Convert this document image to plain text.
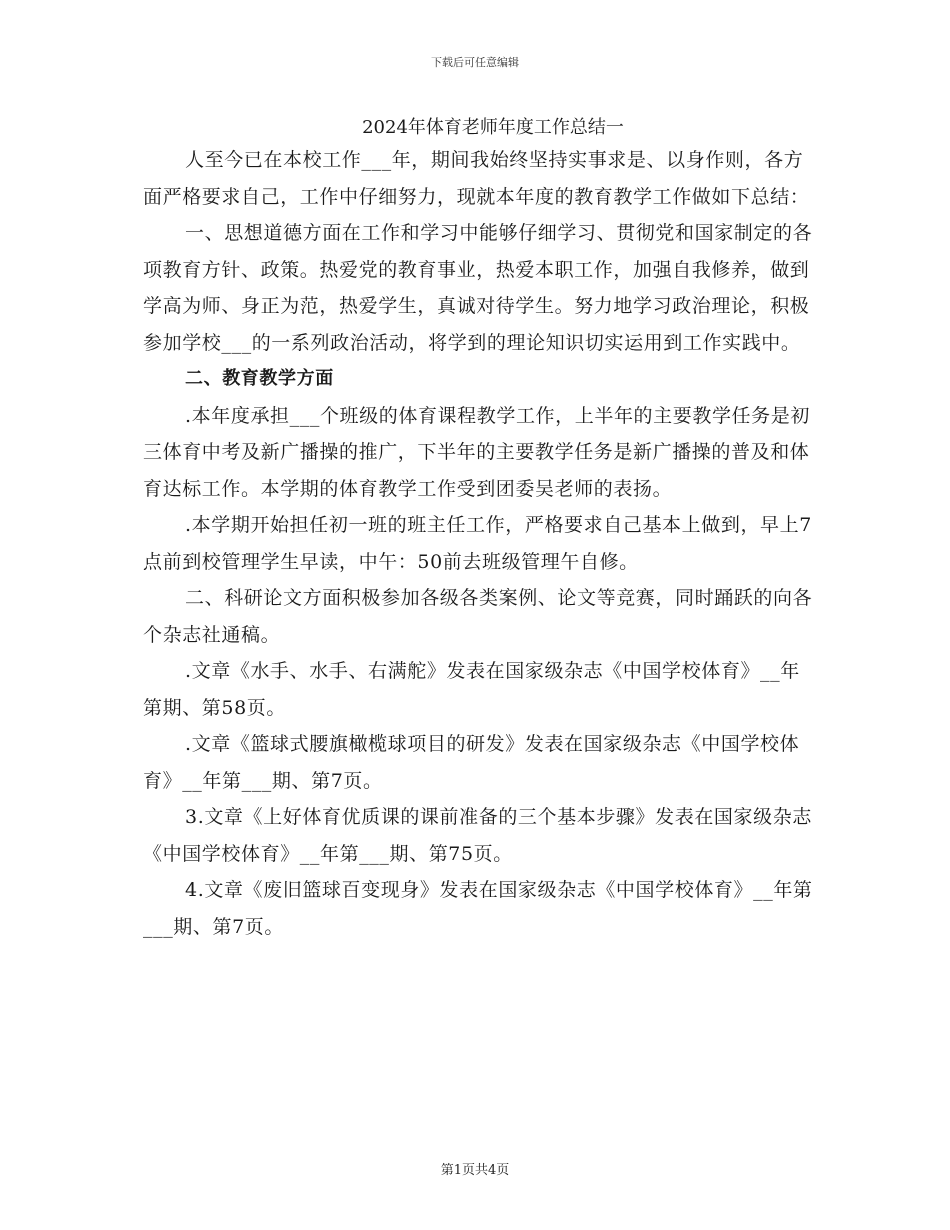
下载后可任意编辑
2024年体育老师年度工作总结一

人至今已在本校工作___年，期间我始终坚持实事求是、以身作则，各方面严格要求自己，工作中仔细努力，现就本年度的教育教学工作做如下总结：

一、思想道德方面在工作和学习中能够仔细学习、贯彻党和国家制定的各项教育方针、政策。热爱党的教育事业，热爱本职工作，加强自我修养，做到学高为师、身正为范，热爱学生，真诚对待学生。努力地学习政治理论，积极参加学校___的一系列政治活动，将学到的理论知识切实运用到工作实践中。

二、教育教学方面

.本年度承担___个班级的体育课程教学工作，上半年的主要教学任务是初三体育中考及新广播操的推广，下半年的主要教学任务是新广播操的普及和体育达标工作。本学期的体育教学工作受到团委吴老师的表扬。

.本学期开始担任初一班的班主任工作，严格要求自己基本上做到，早上7点前到校管理学生早读，中午：50前去班级管理午自修。

二、科研论文方面积极参加各级各类案例、论文等竞赛，同时踊跃的向各个杂志社通稿。

.文章《水手、水手、右满舵》发表在国家级杂志《中国学校体育》__年第期、第58页。

.文章《篮球式腰旗橄榄球项目的研发》发表在国家级杂志《中国学校体育》__年第___期、第7页。

3.文章《上好体育优质课的课前准备的三个基本步骤》发表在国家级杂志《中国学校体育》__年第___期、第75页。

4.文章《废旧篮球百变现身》发表在国家级杂志《中国学校体育》__年第___期、第7页。

第1页共4页
